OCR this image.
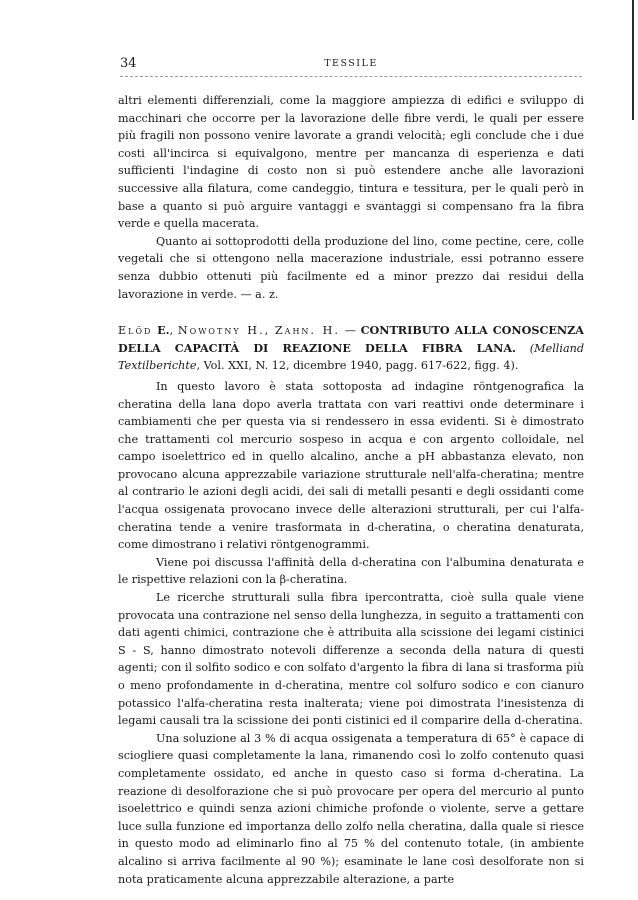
34	TESSILE

altri elementi differenziali, come la maggiore ampiezza di edifici e sviluppo di macchinari che occorre per la lavorazione delle fibre verdi, le quali per essere più fragili non possono venire lavorate a grandi velocità; egli conclude che i due costi all'incirca si equivalgono, mentre per mancanza di esperienza e dati sufficienti l'indagine di costo non si può estendere anche alle lavorazioni successive alla filatura, come candeggio, tintura e tessitura, per le quali però in base a quanto si può arguire vantaggi e svantaggi si compensano fra la fibra verde e quella macerata.

Quanto ai sottoprodotti della produzione del lino, come pectine, cere, colle vegetali che si ottengono nella macerazione industriale, essi potranno essere senza dubbio ottenuti più facilmente ed a minor prezzo dai residui della lavorazione in verde. — a. z.

Elöd E., Nowotny H., Zahn. H. — CONTRIBUTO ALLA CONOSCENZA DELLA CAPACITÀ DI REAZIONE DELLA FIBRA LANA. (Melliand Textilberichte, Vol. XXI, N. 12, dicembre 1940, pagg. 617-622, figg. 4).

In questo lavoro è stata sottoposta ad indagine röntgenografica la cheratina della lana dopo averla trattata con vari reattivi onde determinare i cambiamenti che per questa via si rendessero in essa evidenti. Si è dimostrato che trattamenti col mercurio sospeso in acqua e con argento colloidale, nel campo isoelettrico ed in quello alcalino, anche a pH abbastanza elevato, non provocano alcuna apprezzabile variazione strutturale nell'alfa-cheratina; mentre al contrario le azioni degli acidi, dei sali di metalli pesanti e degli ossidanti come l'acqua ossigenata provocano invece delle alterazioni strutturali, per cui l'alfa-cheratina tende a venire trasformata in d-cheratina, o cheratina denaturata, come dimostrano i relativi röntgenogrammi.

Viene poi discussa l'affinità della d-cheratina con l'albumina denaturata e le rispettive relazioni con la β-cheratina.

Le ricerche strutturali sulla fibra ipercontratta, cioè sulla quale viene provocata una contrazione nel senso della lunghezza, in seguito a trattamenti con dati agenti chimici, contrazione che è attribuita alla scissione dei legami cistinici S - S, hanno dimostrato notevoli differenze a seconda della natura di questi agenti; con il solfito sodico e con solfato d'argento la fibra di lana si trasforma più o meno profondamente in d-cheratina, mentre col solfuro sodico e con cianuro potassico l'alfa-cheratina resta inalterata; viene poi dimostrata l'inesistenza di legami causali tra la scissione dei ponti cistinici ed il comparire della d-cheratina.

Una soluzione al 3 % di acqua ossigenata a temperatura di 65° è capace di sciogliere quasi completamente la lana, rimanendo così lo zolfo contenuto quasi completamente ossidato, ed anche in questo caso si forma d-cheratina. La reazione di desolforazione che si può provocare per opera del mercurio al punto isoelettrico e quindi senza azioni chimiche profonde o violente, serve a gettare luce sulla funzione ed importanza dello zolfo nella cheratina, dalla quale si riesce in questo modo ad eliminarlo fino al 75 % del contenuto totale, (in ambiente alcalino si arriva facilmente al 90 %); esaminate le lane così desolforate non si nota praticamente alcuna apprezzabile alterazione, a parte
